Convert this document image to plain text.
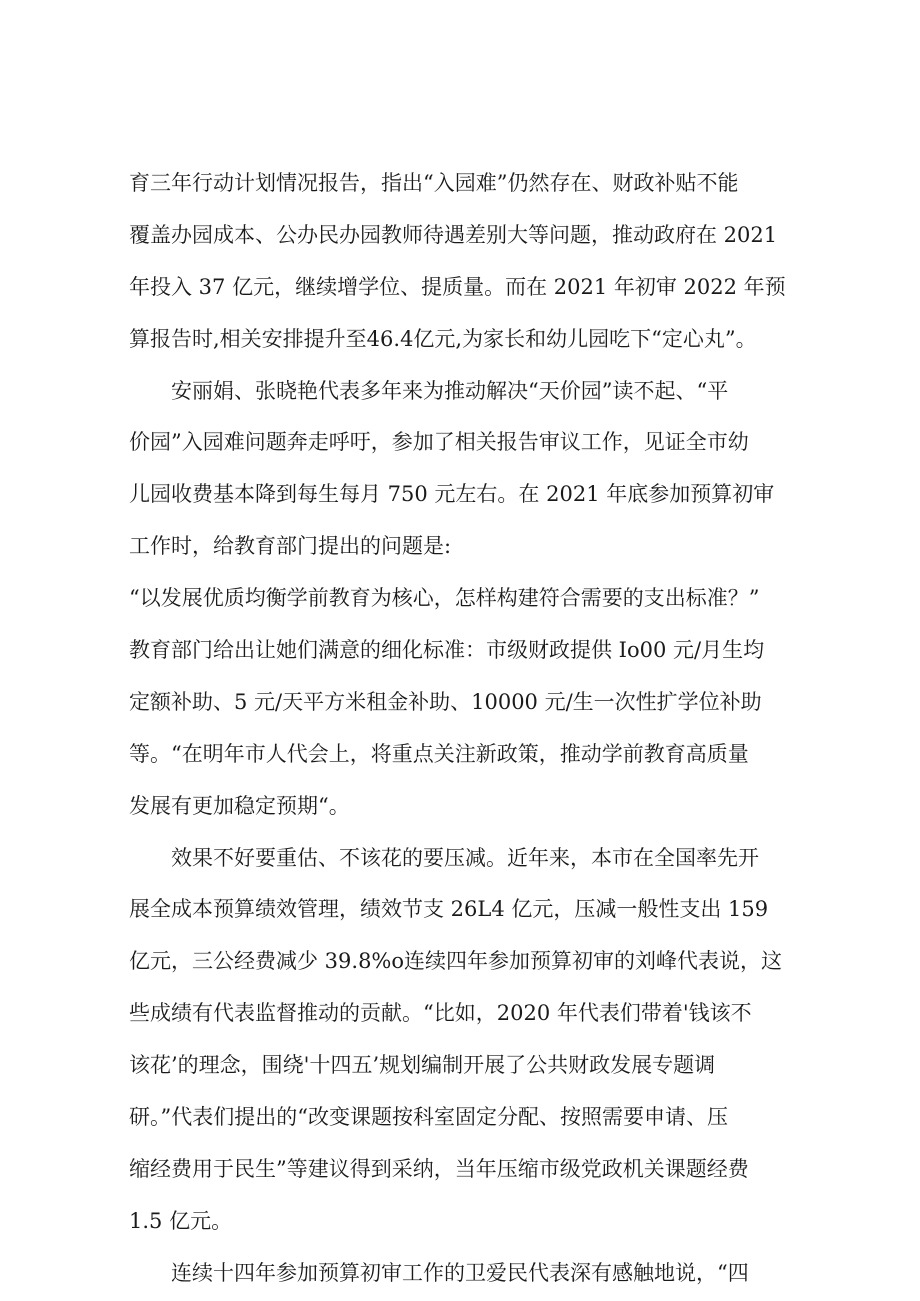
育三年行动计划情况报告，指出“入园难”仍然存在、财政补贴不能
覆盖办园成本、公办民办园教师待遇差别大等问题，推动政府在 2021
年投入 37 亿元，继续增学位、提质量。而在 2021 年初审 2022 年预
算报告时,相关安排提升至46.4亿元,为家长和幼儿园吃下“定心丸”。
　　安丽娟、张晓艳代表多年来为推动解决“天价园”读不起、“平
价园”入园难问题奔走呼吁，参加了相关报告审议工作，见证全市幼
儿园收费基本降到每生每月 750 元左右。在 2021 年底参加预算初审
工作时，给教育部门提出的问题是:
“以发展优质均衡学前教育为核心，怎样构建符合需要的支出标准？”
教育部门给出让她们满意的细化标准：市级财政提供 Io00 元/月生均
定额补助、5 元/天平方米租金补助、10000 元/生一次性扩学位补助
等。“在明年市人代会上，将重点关注新政策，推动学前教育高质量
发展有更加稳定预期“。
　　效果不好要重估、不该花的要压减。近年来，本市在全国率先开
展全成本预算绩效管理，绩效节支 26L4 亿元，压减一般性支出 159
亿元，三公经费减少 39.8%o连续四年参加预算初审的刘峰代表说，这
些成绩有代表监督推动的贡献。“比如，2020 年代表们带着'钱该不
该花’的理念，围绕'十四五’规划编制开展了公共财政发展专题调
研。”代表们提出的“改变课题按科室固定分配、按照需要申请、压
缩经费用于民生”等建议得到采纳，当年压缩市级党政机关课题经费
1.5 亿元。
　　连续十四年参加预算初审工作的卫爱民代表深有感触地说，“四
